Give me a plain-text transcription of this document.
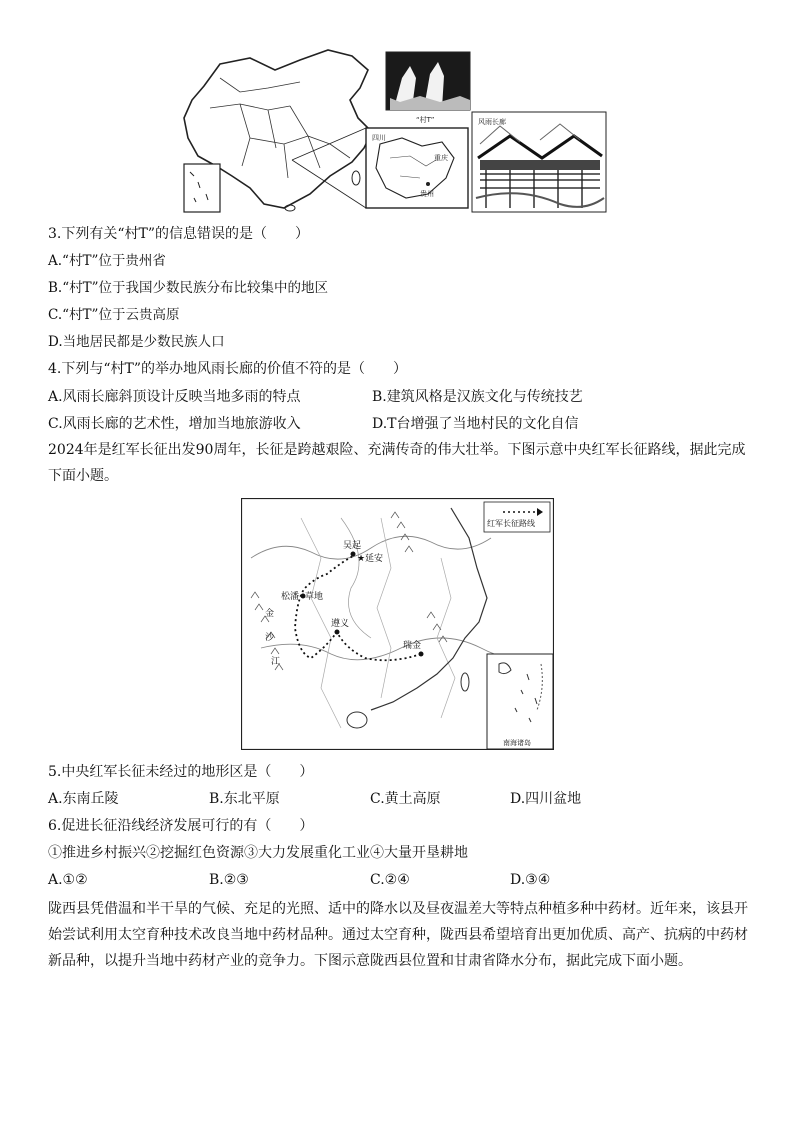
四川
重庆
贵州
“村T”	风雨长廊
3.下列有关“村T”的信息错误的是（　　）
A.“村T”位于贵州省
B.“村T”位于我国少数民族分布比较集中的地区
C.“村T”位于云贵高原
D.当地居民都是少数民族人口
4.下列与“村T”的举办地风雨长廊的价值不符的是（　　）
A.风雨长廊斜顶设计反映当地多雨的特点	B.建筑风格是汉族文化与传统技艺
C.风雨长廊的艺术性，增加当地旅游收入	D.T台增强了当地村民的文化自信
2024年是红军长征出发90周年，长征是跨越艰险、充满传奇的伟大壮举。下图示意中央红军长征路线，据此完成下面小题。
吴起
★ 延安
松潘 草地
遵义
瑞金
金
沙
江
红军长征路线
南海诸岛
5.中央红军长征未经过的地形区是（　　）
A.东南丘陵	B.东北平原	C.黄土高原	D.四川盆地
6.促进长征沿线经济发展可行的有（　　）
①推进乡村振兴②挖掘红色资源③大力发展重化工业④大量开垦耕地
A.①②	B.②③	C.②④	D.③④
陇西县凭借温和半干旱的气候、充足的光照、适中的降水以及昼夜温差大等特点种植多种中药材。近年来，该县开始尝试利用太空育种技术改良当地中药材品种。通过太空育种，陇西县希望培育出更加优质、高产、抗病的中药材新品种，以提升当地中药材产业的竞争力。下图示意陇西县位置和甘肃省降水分布，据此完成下面小题。
